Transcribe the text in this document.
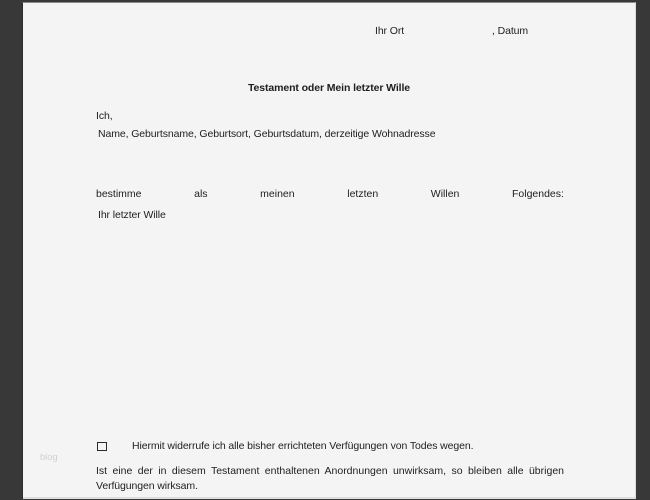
Ihr Ort	, Datum
Testament oder Mein letzter Wille
Ich,
Name, Geburtsname, Geburtsort, Geburtsdatum, derzeitige Wohnadresse
bestimme	als	meinen	letzten	Willen	Folgendes:
Ihr letzter Wille
blog
Hiermit widerrufe ich alle bisher errichteten Verfügungen von Todes wegen.
Ist eine der in diesem Testament enthaltenen Anordnungen unwirksam, so bleiben alle übrigen
Verfügungen wirksam.
